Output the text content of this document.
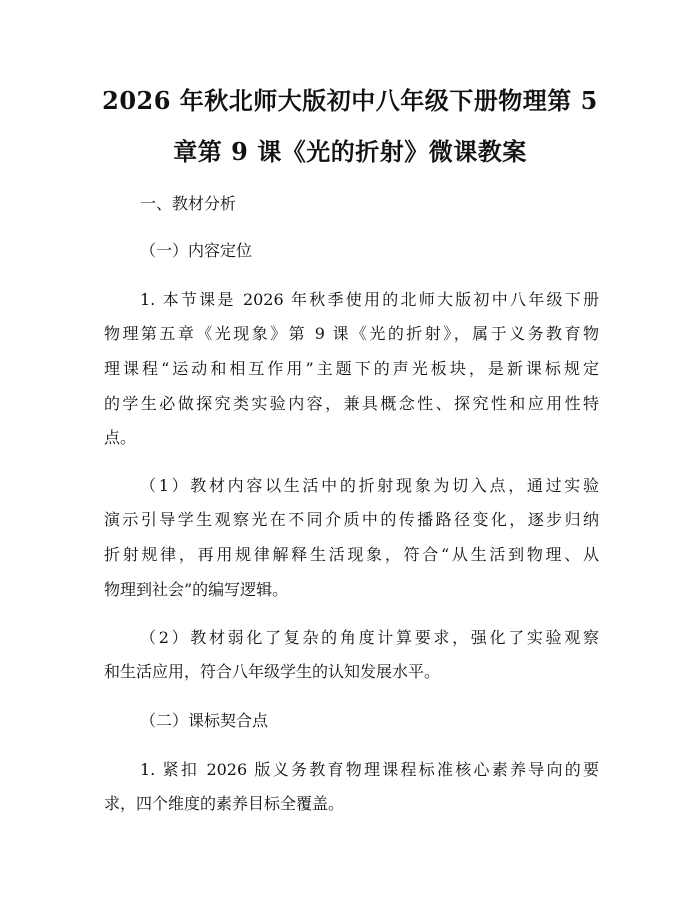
2026 年秋北师大版初中八年级下册物理第 5
章第 9 课《光的折射》微课教案
一、教材分析
（一）内容定位
1. 本节课是 2026 年秋季使用的北师大版初中八年级下册
物理第五章《光现象》第 9 课《光的折射》，属于义务教育物
理课程“运动和相互作用”主题下的声光板块，是新课标规定
的学生必做探究类实验内容，兼具概念性、探究性和应用性特
点。
（1）教材内容以生活中的折射现象为切入点，通过实验
演示引导学生观察光在不同介质中的传播路径变化，逐步归纳
折射规律，再用规律解释生活现象，符合“从生活到物理、从
物理到社会”的编写逻辑。
（2）教材弱化了复杂的角度计算要求，强化了实验观察
和生活应用，符合八年级学生的认知发展水平。
（二）课标契合点
1. 紧扣 2026 版义务教育物理课程标准核心素养导向的要
求，四个维度的素养目标全覆盖。
